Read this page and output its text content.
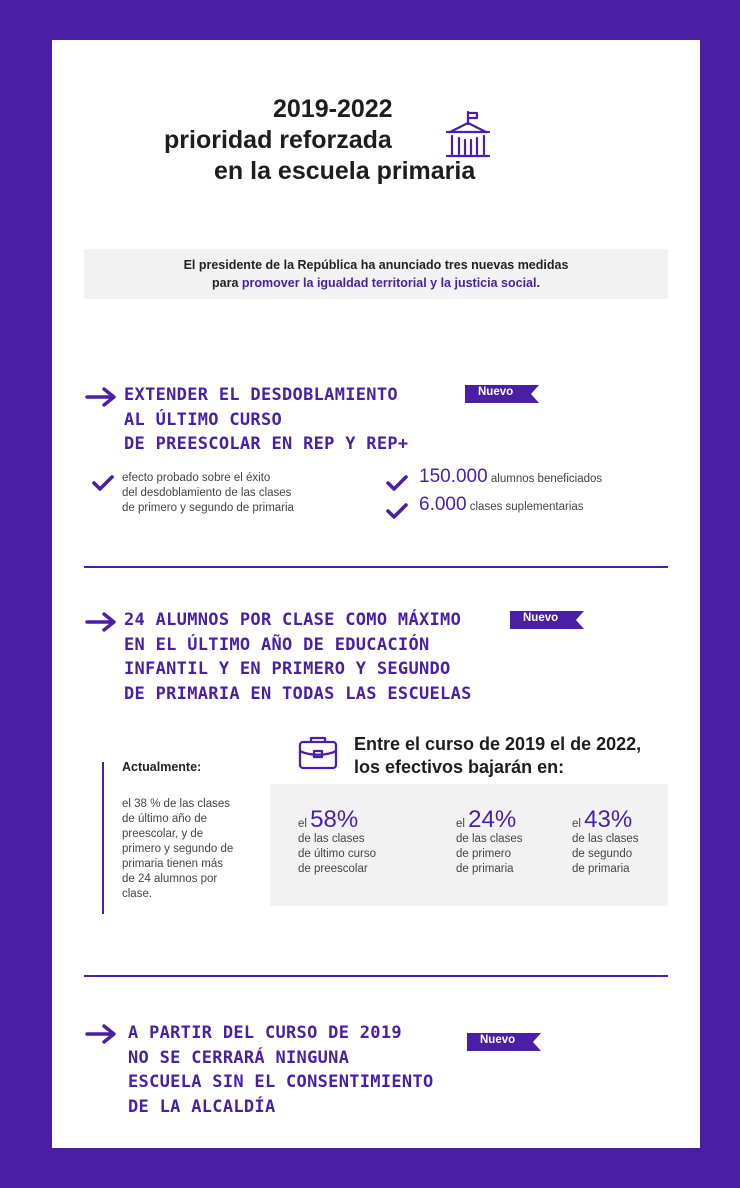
2019-2022
prioridad reforzada
en la escuela primaria
El presidente de la República ha anunciado tres nuevas medidas
para promover la igualdad territorial y la justicia social.
EXTENDER EL DESDOBLAMIENTO
AL ÚLTIMO CURSO
DE PREESCOLAR EN REP Y REP+
Nuevo
efecto probado sobre el éxito
del desdoblamiento de las clases
de primero y segundo de primaria
150.000 alumnos beneficiados
6.000 clases suplementarias
24 ALUMNOS POR CLASE COMO MÁXIMO
EN EL ÚLTIMO AÑO DE EDUCACIÓN
INFANTIL Y EN PRIMERO Y SEGUNDO
DE PRIMARIA EN TODAS LAS ESCUELAS
Nuevo
Actualmente:
el 38 % de las clases
de último año de
preescolar, y de
primero y segundo de
primaria tienen más
de 24 alumnos por
clase.
Entre el curso de 2019 el de 2022,
los efectivos bajarán en:
el 58%
de las clases
de último curso
de preescolar
el 24%
de las clases
de primero
de primaria
el 43%
de las clases
de segundo
de primaria
A PARTIR DEL CURSO DE 2019
NO SE CERRARÁ NINGUNA
ESCUELA SIN EL CONSENTIMIENTO
DE LA ALCALDÍA
Nuevo
